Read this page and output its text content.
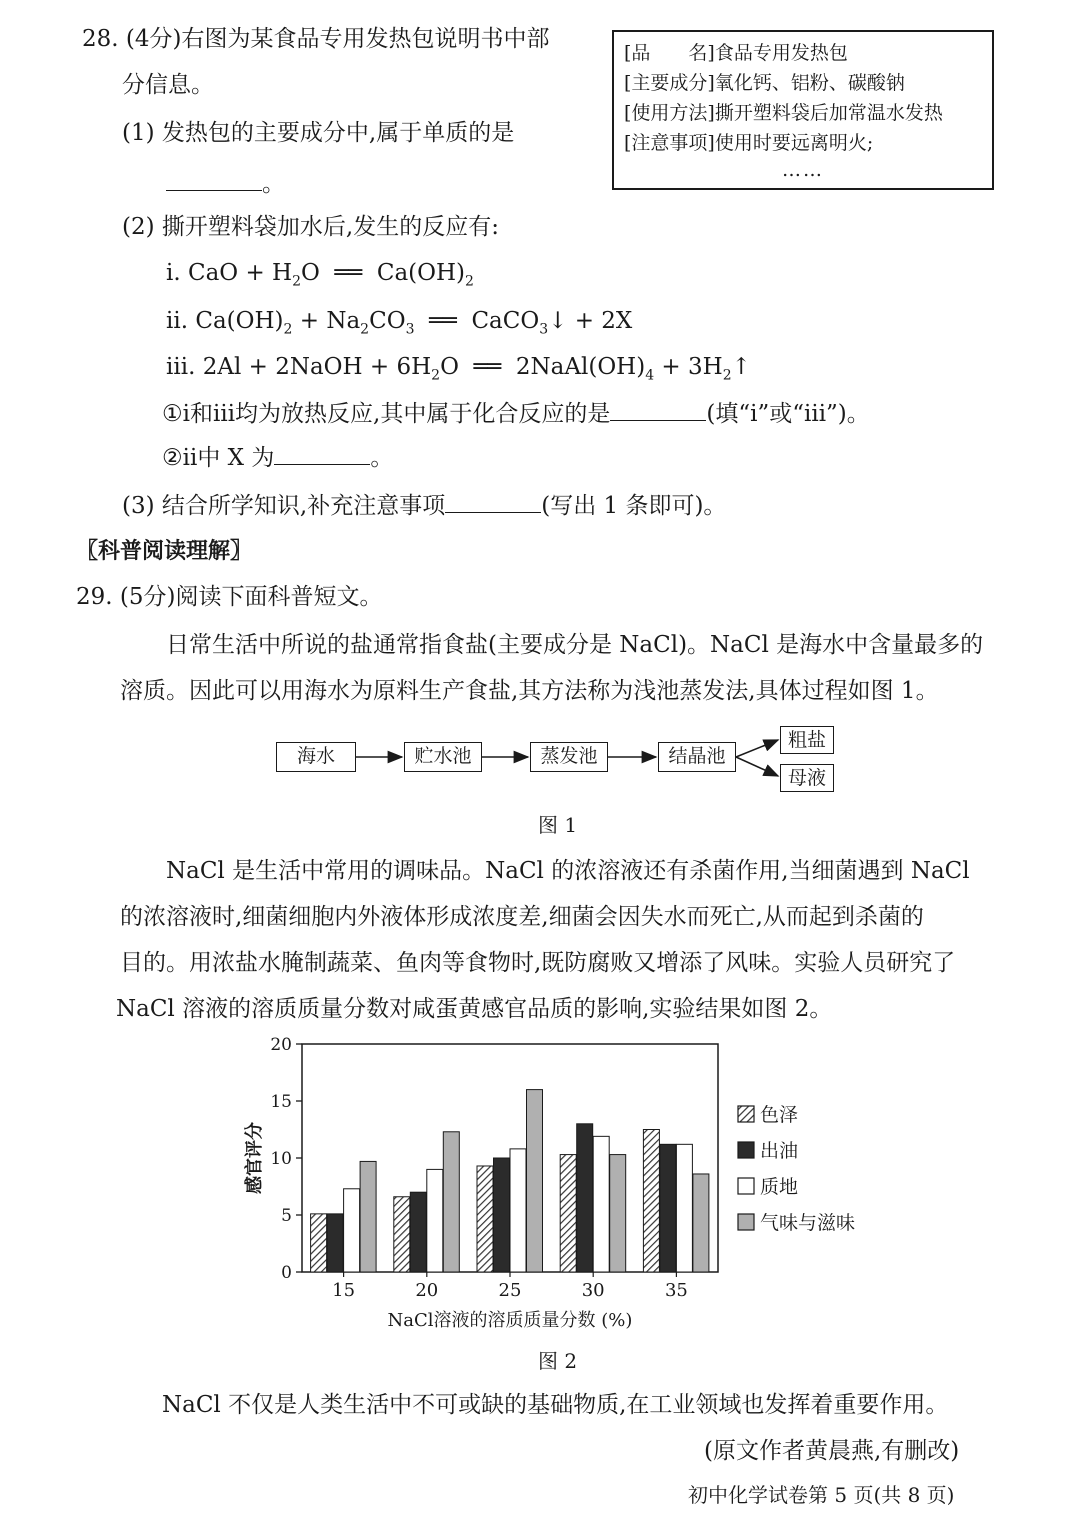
28. (4分)右图为某食品专用发热包说明书中部
分信息。
(1) 发热包的主要成分中,属于单质的是
。
[品　　名]食品专用发热包
[主要成分]氧化钙、铝粉、碳酸钠
[使用方法]撕开塑料袋后加常温水发热
[注意事项]使用时要远离明火;
……
(2) 撕开塑料袋加水后,发生的反应有:
ⅰ. CaO + $H_2O$  ══  $Ca(OH)_2$
ⅱ. $Ca(OH)_2 + Na_2CO_3$  ══  CaCO$_3$↓ + 2X
ⅲ. 2Al + 2NaOH + $6H_2O$  ══  $2NaAl(OH)_4$ + $3H_2↑$
①ⅰ和ⅲ均为放热反应,其中属于化合反应的是	(填“ⅰ”或“ⅲ”)。
②ⅱ中 X 为	。
(3) 结合所学知识,补充注意事项	(写出 1 条即可)。
〖科普阅读理解〗
29. (5分)阅读下面科普短文。
日常生活中所说的盐通常指食盐(主要成分是 NaCl)。NaCl 是海水中含量最多的
溶质。因此可以用海水为原料生产食盐,其方法称为浅池蒸发法,具体过程如图 1。
海水	贮水池	蒸发池	结晶池
粗盐
母液
图 1
NaCl 是生活中常用的调味品。NaCl 的浓溶液还有杀菌作用,当细菌遇到 NaCl
的浓溶液时,细菌细胞内外液体形成浓度差,细菌会因失水而死亡,从而起到杀菌的
目的。用浓盐水腌制蔬菜、鱼肉等食物时,既防腐败又增添了风味。实验人员研究了
NaCl 溶液的溶质质量分数对咸蛋黄感官品质的影响,实验结果如图 2。
0
5
10
15
20
感官评分
15	20	25	30	35
NaCl溶液的溶质质量分数 (%)
色泽
出油
质地
气味与滋味
图 2
NaCl 不仅是人类生活中不可或缺的基础物质,在工业领域也发挥着重要作用。
(原文作者黄晨燕,有删改)
初中化学试卷第 5 页(共 8 页)
